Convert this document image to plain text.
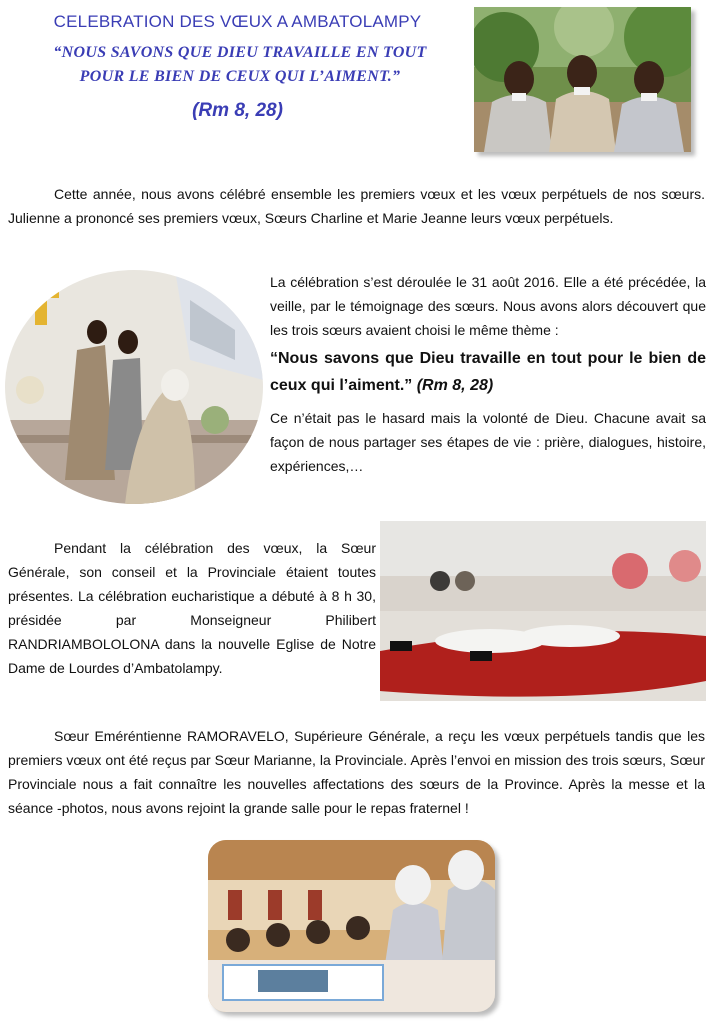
CELEBRATION DES VŒUX A AMBATOLAMPY
“NOUS SAVONS QUE DIEU TRAVAILLE EN TOUT POUR LE BIEN DE CEUX QUI L’AIMENT.”
(Rm 8, 28)
Cette année, nous avons célébré ensemble les premiers vœux et les vœux perpétuels de nos sœurs. Julienne a prononcé ses premiers vœux, Sœurs Charline et Marie Jeanne leurs vœux perpétuels.
La célébration s’est déroulée le 31 août 2016. Elle a été précédée, la veille, par le témoignage des sœurs. Nous avons alors découvert que les trois sœurs avaient choisi le même thème :
“Nous savons que Dieu travaille en tout pour le bien de ceux qui l’aiment.” (Rm 8, 28)
Ce n’était pas le hasard mais la volonté de Dieu. Chacune avait sa façon de nous partager ses étapes de vie : prière, dialogues, histoire, expériences,…
Pendant la célébration des vœux, la Sœur Générale, son conseil et la Provinciale étaient toutes présentes. La célébration eucharistique a débuté à 8 h 30, présidée par Monseigneur Philibert RANDRIAMBOLOLONA dans la nouvelle Eglise de Notre Dame de Lourdes d’Ambatolampy.
Sœur Eméréntienne RAMORAVELO, Supérieure Générale, a reçu les vœux perpétuels tandis que les premiers vœux ont été reçus par Sœur Marianne, la Provinciale. Après l’envoi en mission des trois sœurs, Sœur Provinciale nous a fait connaître les nouvelles affectations des sœurs de la Province. Après la messe et la séance -photos, nous avons rejoint la grande salle pour le repas fraternel !
